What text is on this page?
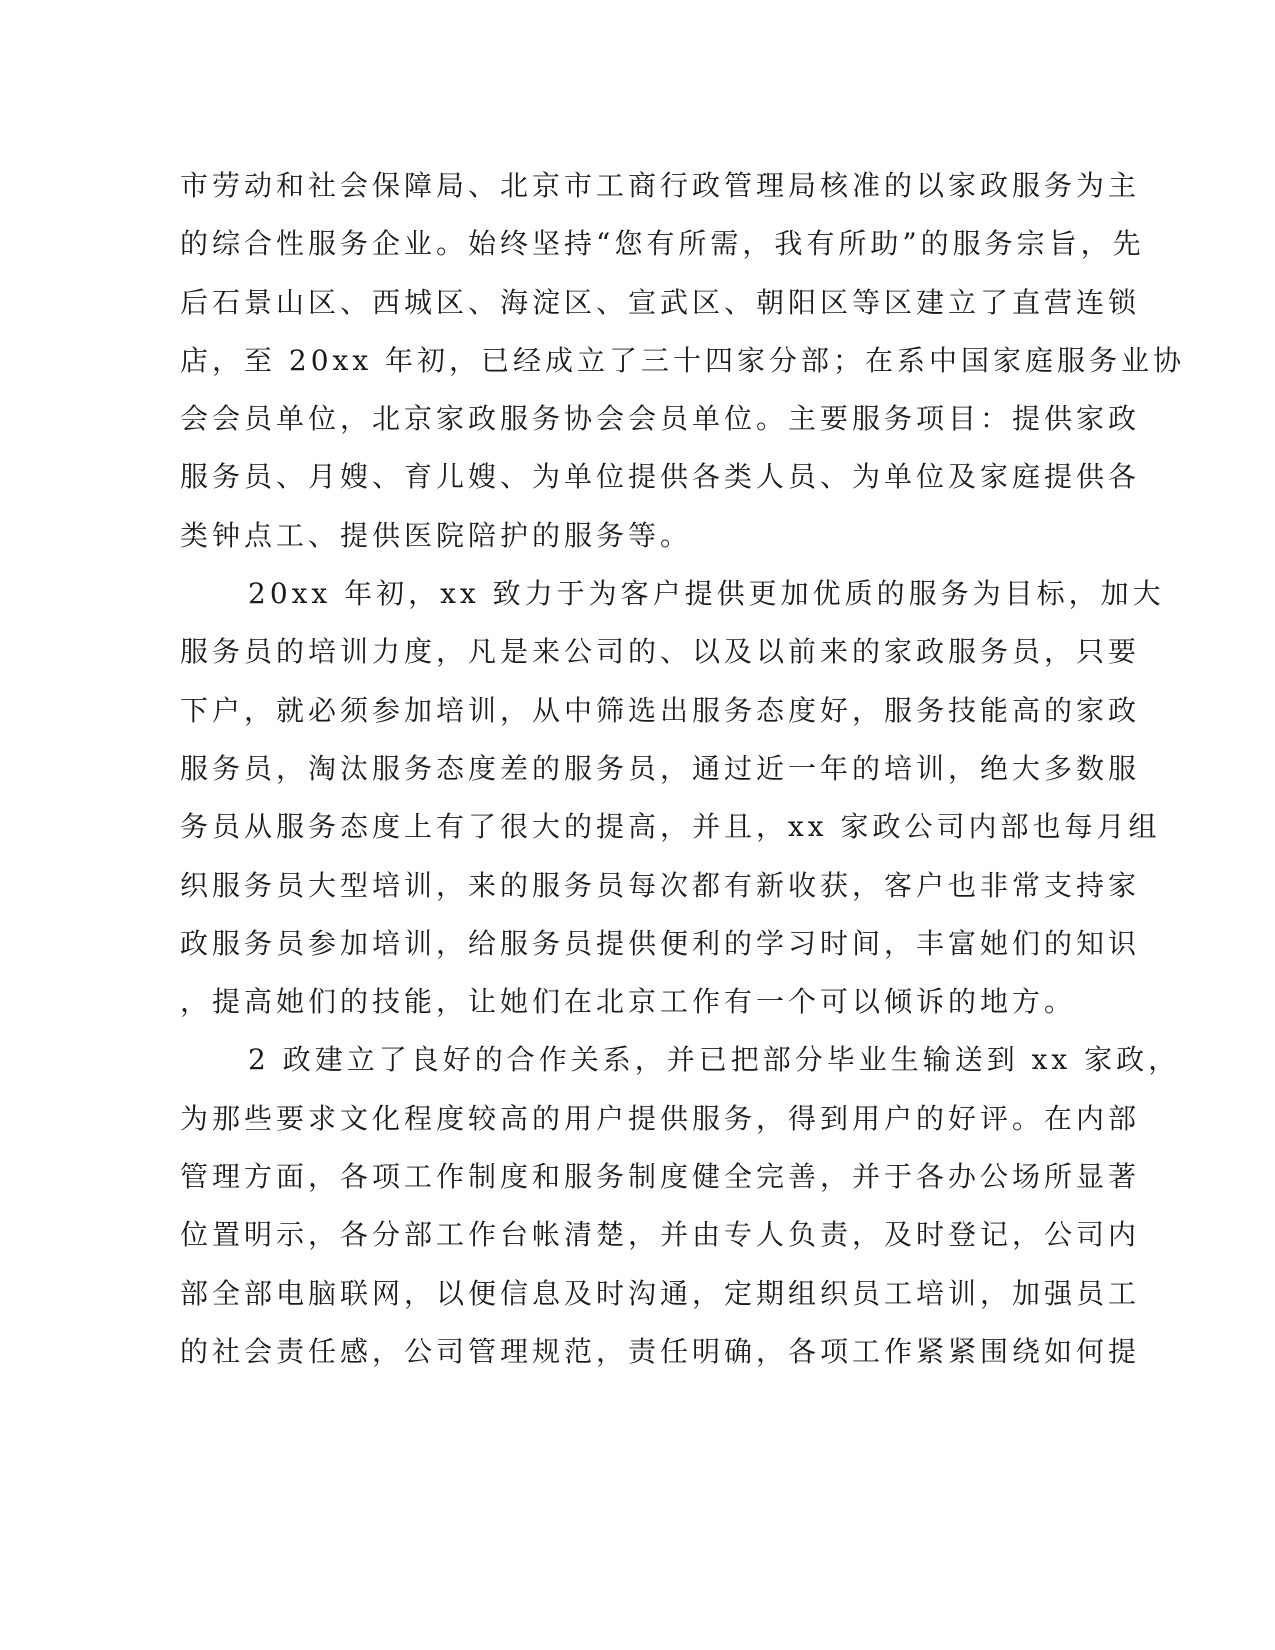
市劳动和社会保障局、北京市工商行政管理局核准的以家政服务为主
的综合性服务企业。始终坚持“您有所需，我有所助”的服务宗旨，先
后石景山区、西城区、海淀区、宣武区、朝阳区等区建立了直营连锁
店，至 20xx 年初，已经成立了三十四家分部；在系中国家庭服务业协
会会员单位，北京家政服务协会会员单位。主要服务项目：提供家政
服务员、月嫂、育儿嫂、为单位提供各类人员、为单位及家庭提供各
类钟点工、提供医院陪护的服务等。
20xx 年初，xx 致力于为客户提供更加优质的服务为目标，加大
服务员的培训力度，凡是来公司的、以及以前来的家政服务员，只要
下户，就必须参加培训，从中筛选出服务态度好，服务技能高的家政
服务员，淘汰服务态度差的服务员，通过近一年的培训，绝大多数服
务员从服务态度上有了很大的提高，并且，xx 家政公司内部也每月组
织服务员大型培训，来的服务员每次都有新收获，客户也非常支持家
政服务员参加培训，给服务员提供便利的学习时间，丰富她们的知识
，提高她们的技能，让她们在北京工作有一个可以倾诉的地方。
2 政建立了良好的合作关系，并已把部分毕业生输送到 xx 家政，
为那些要求文化程度较高的用户提供服务，得到用户的好评。在内部
管理方面，各项工作制度和服务制度健全完善，并于各办公场所显著
位置明示，各分部工作台帐清楚，并由专人负责，及时登记，公司内
部全部电脑联网，以便信息及时沟通，定期组织员工培训，加强员工
的社会责任感，公司管理规范，责任明确，各项工作紧紧围绕如何提
